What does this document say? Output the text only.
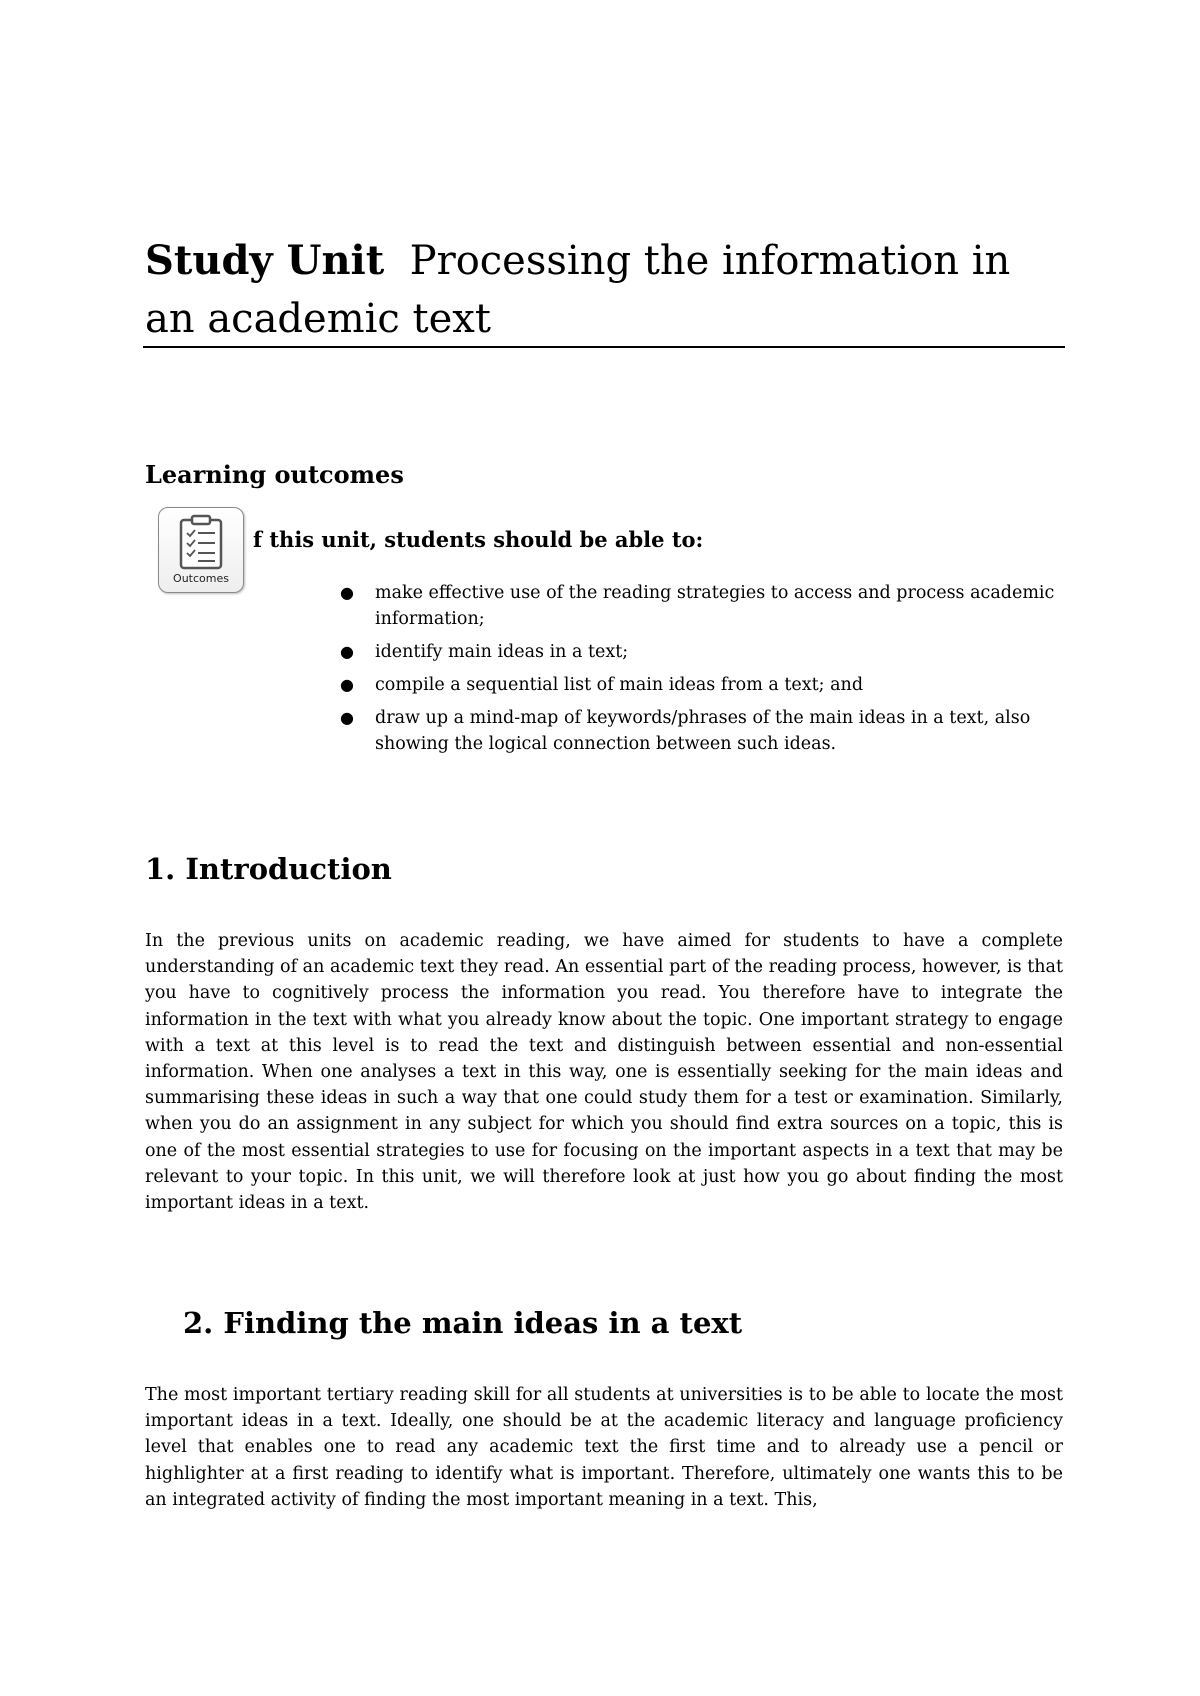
Study Unit Processing the information in an academic text
Learning outcomes
Outcomes

f this unit, students should be able to:

● make effective use of the reading strategies to access and process academic information;
● identify main ideas in a text;
● compile a sequential list of main ideas from a text; and
● draw up a mind-map of keywords/phrases of the main ideas in a text, also showing the logical connection between such ideas.
1. Introduction

In the previous units on academic reading, we have aimed for students to have a complete understanding of an academic text they read. An essential part of the reading process, however, is that you have to cognitively process the information you read. You therefore have to integrate the information in the text with what you already know about the topic. One important strategy to engage with a text at this level is to read the text and distinguish between essential and non-essential information. When one analyses a text in this way, one is essentially seeking for the main ideas and summarising these ideas in such a way that one could study them for a test or examination. Similarly, when you do an assignment in any subject for which you should find extra sources on a topic, this is one of the most essential strategies to use for focusing on the important aspects in a text that may be relevant to your topic. In this unit, we will therefore look at just how you go about finding the most important ideas in a text.

2. Finding the main ideas in a text

The most important tertiary reading skill for all students at universities is to be able to locate the most important ideas in a text. Ideally, one should be at the academic literacy and language proficiency level that enables one to read any academic text the first time and to already use a pencil or highlighter at a first reading to identify what is important. Therefore, ultimately one wants this to be an integrated activity of finding the most important meaning in a text. This,
